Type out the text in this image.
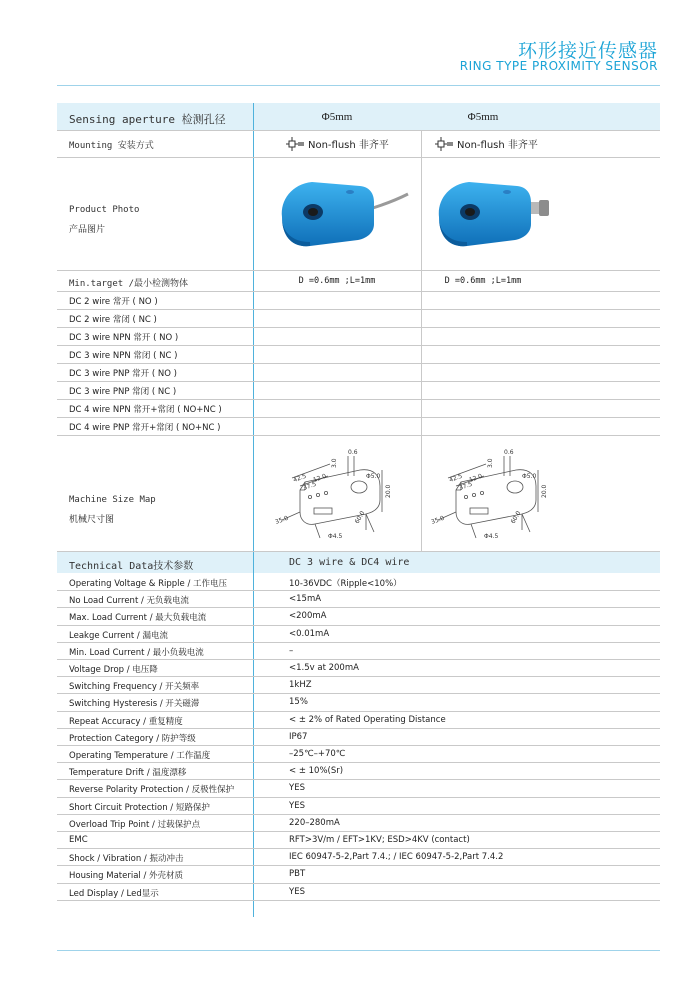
环形接近传感器
RING TYPE PROXIMITY SENSOR
Sensing aperture 检测孔径	Φ5mm	Φ5mm
Mounting 安装方式	Non-flush 非齐平	Non-flush 非齐平
Product Photo
产品图片
Min.target /最小检测物体	D =0.6mm ;L=1mm	D =0.6mm ;L=1mm
DC 2 wire 常开 ( NO )
DC 2 wire 常闭 ( NC )
DC 3 wire NPN 常开 ( NO )
DC 3 wire NPN 常闭 ( NC )
DC 3 wire PNP 常开 ( NO )
DC 3 wire PNP 常闭 ( NC )
DC 4 wire NPN 常开+常闭 ( NO+NC )
DC 4 wire PNP 常开+常闭 ( NO+NC )
Machine Size Map
机械尺寸图
0.6
3.0
42.5
37.5
12.0	Φ5.0
20.0
35.0	60.0
Φ4.5
0.6
3.0
42.5
37.5
12.0	Φ5.0
20.0
35.0	60.0
Φ4.5
Technical Data技术参数	DC 3 wire & DC4 wire
Operating Voltage & Ripple / 工作电压	10-36VDC（Ripple<10%）
No Load Current / 无负载电流	<15mA
Max. Load Current / 最大负载电流	<200mA
Leakge Current / 漏电流	<0.01mA
Min. Load Current / 最小负载电流	–
Voltage Drop / 电压降	<1.5v at 200mA
Switching Frequency / 开关频率	1kHZ
Switching Hysteresis / 开关磁滞	15%
Repeat Accuracy / 重复精度	< ± 2% of Rated Operating Distance
Protection Category / 防护等级	IP67
Operating Temperature / 工作温度	–25℃–+70℃
Temperature Drift / 温度漂移	< ± 10%(Sr)
Reverse Polarity Protection / 反极性保护	YES
Short Circuit Protection / 短路保护	YES
Overload Trip Point / 过载保护点	220–280mA
EMC	RFT>3V/m / EFT>1KV; ESD>4KV (contact)
Shock / Vibration / 振动冲击	IEC 60947-5-2,Part 7.4.; / IEC 60947-5-2,Part 7.4.2
Housing Material / 外壳材质	PBT
Led Display / Led显示	YES
